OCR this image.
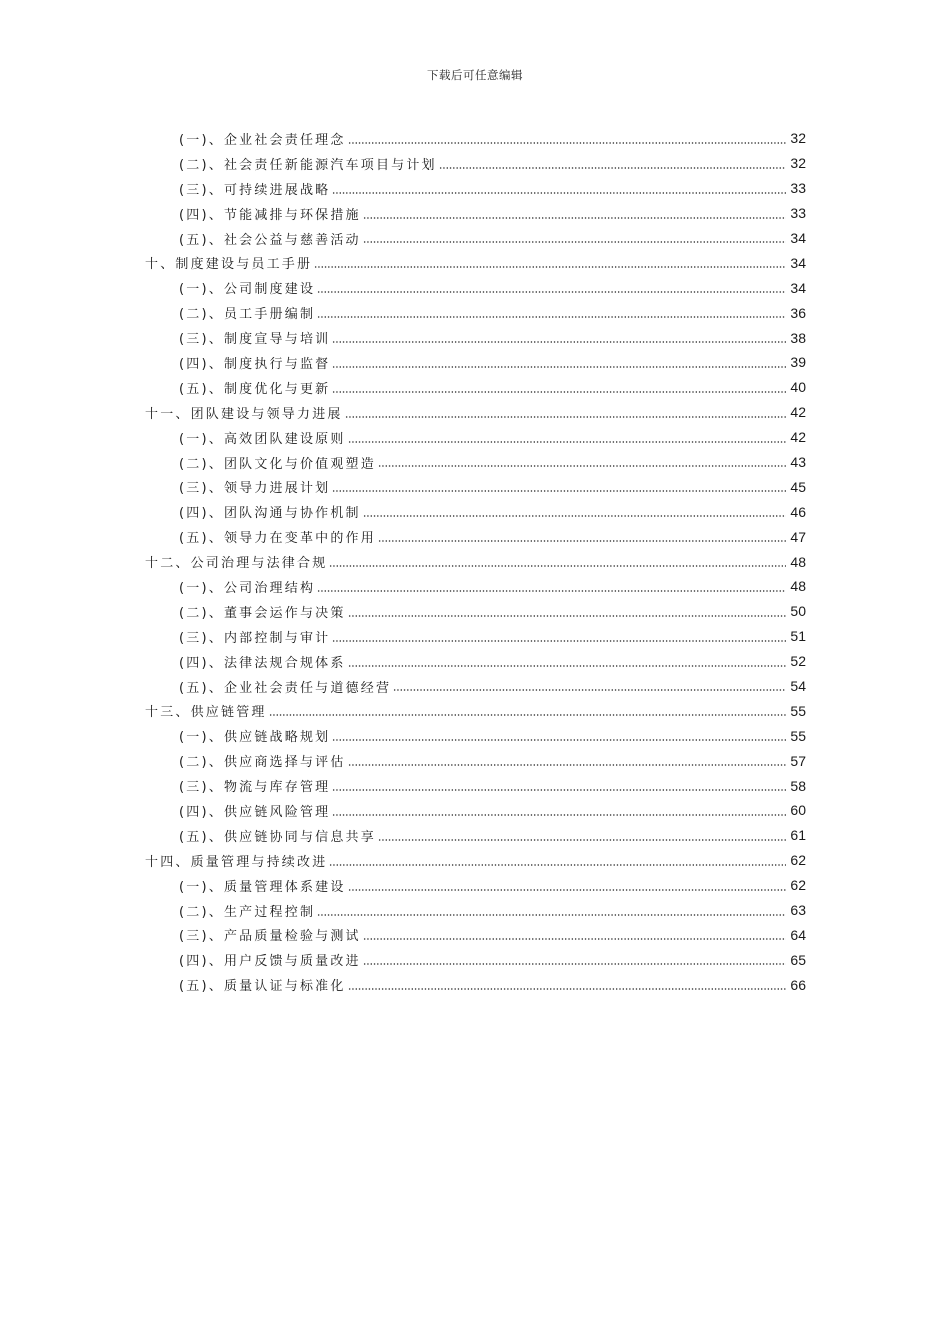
下载后可任意编辑
(一)、企业社会责任理念	32
(二)、社会责任新能源汽车项目与计划	32
(三)、可持续进展战略	33
(四)、节能减排与环保措施	33
(五)、社会公益与慈善活动	34
十、制度建设与员工手册	34
(一)、公司制度建设	34
(二)、员工手册编制	36
(三)、制度宣导与培训	38
(四)、制度执行与监督	39
(五)、制度优化与更新	40
十一、团队建设与领导力进展	42
(一)、高效团队建设原则	42
(二)、团队文化与价值观塑造	43
(三)、领导力进展计划	45
(四)、团队沟通与协作机制	46
(五)、领导力在变革中的作用	47
十二、公司治理与法律合规	48
(一)、公司治理结构	48
(二)、董事会运作与决策	50
(三)、内部控制与审计	51
(四)、法律法规合规体系	52
(五)、企业社会责任与道德经营	54
十三、供应链管理	55
(一)、供应链战略规划	55
(二)、供应商选择与评估	57
(三)、物流与库存管理	58
(四)、供应链风险管理	60
(五)、供应链协同与信息共享	61
十四、质量管理与持续改进	62
(一)、质量管理体系建设	62
(二)、生产过程控制	63
(三)、产品质量检验与测试	64
(四)、用户反馈与质量改进	65
(五)、质量认证与标准化	66
